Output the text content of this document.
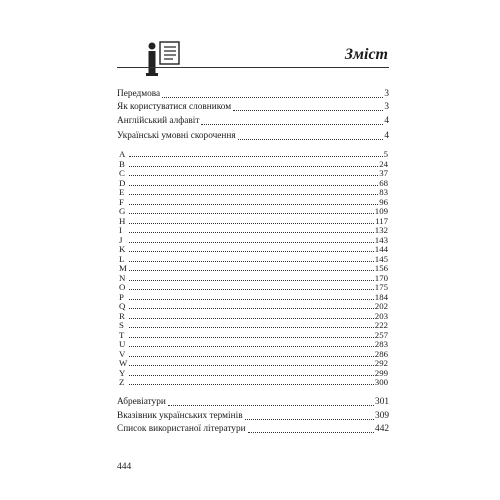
Зміст
Передмова	3
Як користуватися словником	3
Англійський алфавіт	4
Українські умовні скорочення	4
A	5
B	24
C	37
D	68
E	83
F	96
G	109
H	117
I	132
J	143
K	144
L	145
M	156
N	170
O	175
P	184
Q	202
R	203
S	222
T	257
U	283
V	286
W	292
Y	299
Z	300
Абревіатури	301
Вказівник українських термінів	309
Список використаної літератури	442
444
